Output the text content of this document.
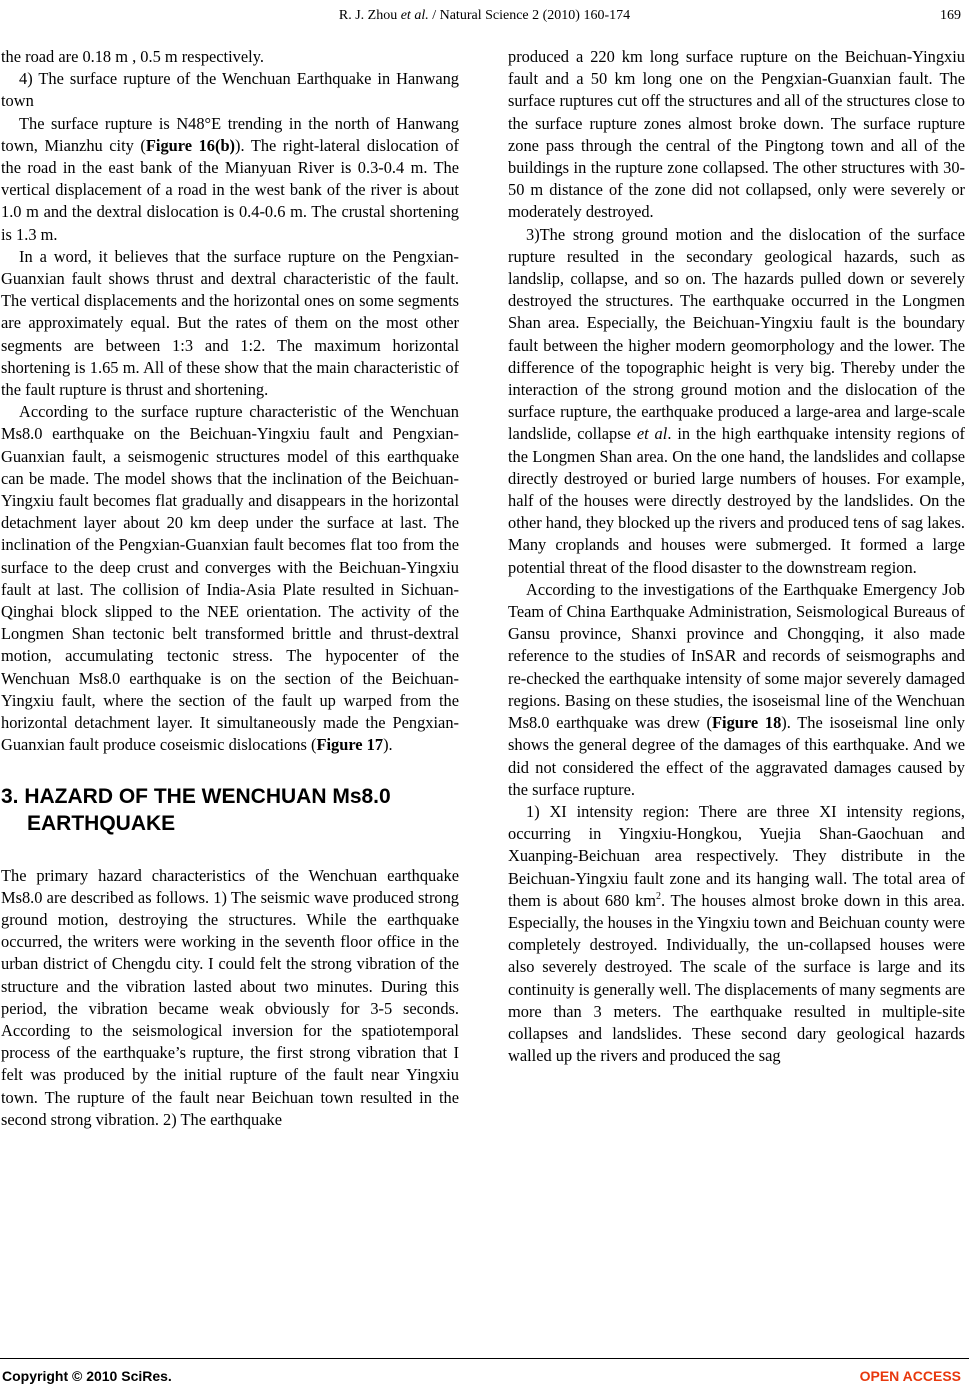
R. J. Zhou et al. / Natural Science 2 (2010) 160-174	169

the road are 0.18 m , 0.5 m respectively.

4) The surface rupture of the Wenchuan Earthquake in Hanwang town

The surface rupture is N48°E trending in the north of Hanwang town, Mianzhu city (Figure 16(b)). The right-lateral dislocation of the road in the east bank of the Mianyuan River is 0.3-0.4 m. The vertical displacement of a road in the west bank of the river is about 1.0 m and the dextral dislocation is 0.4-0.6 m. The crustal shortening is 1.3 m.

In a word, it believes that the surface rupture on the Pengxian-Guanxian fault shows thrust and dextral characteristic of the fault. The vertical displacements and the horizontal ones on some segments are approximately equal. But the rates of them on the most other segments are between 1:3 and 1:2. The maximum horizontal shortening is 1.65 m. All of these show that the main characteristic of the fault rupture is thrust and shortening.

According to the surface rupture characteristic of the Wenchuan Ms8.0 earthquake on the Beichuan-Yingxiu fault and Pengxian-Guanxian fault, a seismogenic structures model of this earthquake can be made. The model shows that the inclination of the Beichuan-Yingxiu fault becomes flat gradually and disappears in the horizontal detachment layer about 20 km deep under the surface at last. The inclination of the Pengxian-Guanxian fault becomes flat too from the surface to the deep crust and converges with the Beichuan-Yingxiu fault at last. The collision of India-Asia Plate resulted in Sichuan-Qinghai block slipped to the NEE orientation. The activity of the Longmen Shan tectonic belt transformed brittle and thrust-dextral motion, accumulating tectonic stress. The hypocenter of the Wenchuan Ms8.0 earthquake is on the section of the Beichuan-Yingxiu fault, where the section of the fault up warped from the horizontal detachment layer. It simultaneously made the Pengxian-Guanxian fault produce coseismic dislocations (Figure 17).

3. HAZARD OF THE WENCHUAN Ms8.0 EARTHQUAKE

The primary hazard characteristics of the Wenchuan earthquake Ms8.0 are described as follows. 1) The seismic wave produced strong ground motion, destroying the structures. While the earthquake occurred, the writers were working in the seventh floor office in the urban district of Chengdu city. I could felt the strong vibration of the structure and the vibration lasted about two minutes. During this period, the vibration became weak obviously for 3-5 seconds. According to the seismological inversion for the spatiotemporal process of the earthquake’s rupture, the first strong vibration that I felt was produced by the initial rupture of the fault near Yingxiu town. The rupture of the fault near Beichuan town resulted in the second strong vibration. 2) The earthquake

produced a 220 km long surface rupture on the Beichuan-Yingxiu fault and a 50 km long one on the Pengxian-Guanxian fault. The surface ruptures cut off the structures and all of the structures close to the surface rupture zones almost broke down. The surface rupture zone pass through the central of the Pingtong town and all of the buildings in the rupture zone collapsed. The other structures with 30-50 m distance of the zone did not collapsed, only were severely or moderately destroyed.

3)The strong ground motion and the dislocation of the surface rupture resulted in the secondary geological hazards, such as landslip, collapse, and so on. The hazards pulled down or severely destroyed the structures. The earthquake occurred in the Longmen Shan area. Especially, the Beichuan-Yingxiu fault is the boundary fault between the higher modern geomorphology and the lower. The difference of the topographic height is very big. Thereby under the interaction of the strong ground motion and the dislocation of the surface rupture, the earthquake produced a large-area and large-scale landslide, collapse et al. in the high earthquake intensity regions of the Longmen Shan area. On the one hand, the landslides and collapse directly destroyed or buried large numbers of houses. For example, half of the houses were directly destroyed by the landslides. On the other hand, they blocked up the rivers and produced tens of sag lakes. Many croplands and houses were submerged. It formed a large potential threat of the flood disaster to the downstream region.

According to the investigations of the Earthquake Emergency Job Team of China Earthquake Administration, Seismological Bureaus of Gansu province, Shanxi province and Chongqing, it also made reference to the studies of InSAR and records of seismographs and re-checked the earthquake intensity of some major severely damaged regions. Basing on these studies, the isoseismal line of the Wenchuan Ms8.0 earthquake was drew (Figure 18). The isoseismal line only shows the general degree of the damages of this earthquake. And we did not considered the effect of the aggravated damages caused by the surface rupture.

1) XI intensity region: There are three XI intensity regions, occurring in Yingxiu-Hongkou, Yuejia Shan-Gaochuan and Xuanping-Beichuan area respectively. They distribute in the Beichuan-Yingxiu fault zone and its hanging wall. The total area of them is about 680 $km^2$. The houses almost broke down in this area. Especially, the houses in the Yingxiu town and Beichuan county were completely destroyed. Individually, the un-collapsed houses were also severely destroyed. The scale of the surface is large and its continuity is generally well. The displacements of many segments are more than 3 meters. The earthquake resulted in multiple-site collapses and landslides. These second dary geological hazards walled up the rivers and produced the sag

Copyright © 2010 SciRes.	OPEN ACCESS
